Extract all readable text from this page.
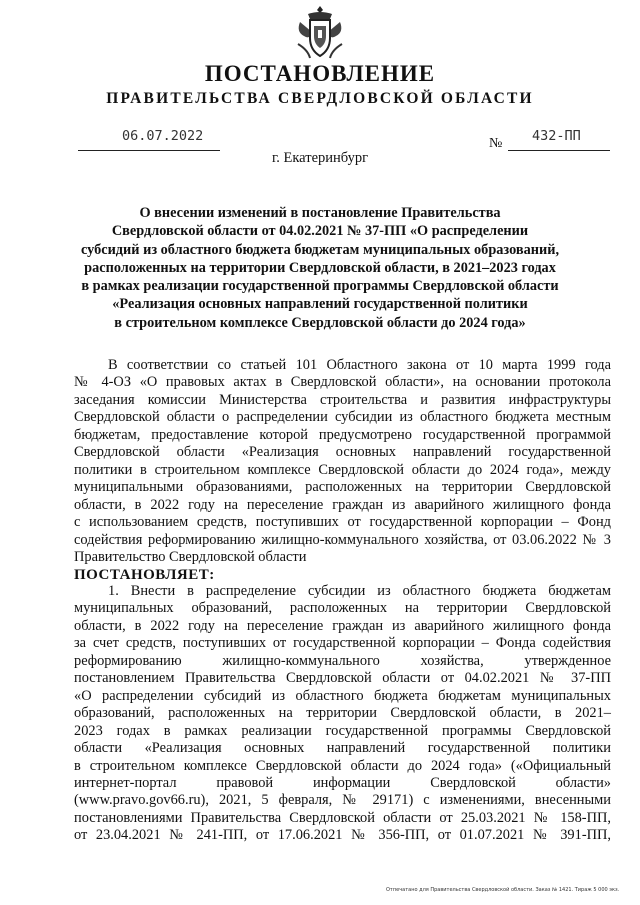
ПОСТАНОВЛЕНИЕ
ПРАВИТЕЛЬСТВА СВЕРДЛОВСКОЙ ОБЛАСТИ
06.07.2022	№ 432-ПП
г. Екатеринбург
О внесении изменений в постановление Правительства
Свердловской области от 04.02.2021 № 37-ПП «О распределении
субсидий из областного бюджета бюджетам муниципальных образований,
расположенных на территории Свердловской области, в 2021–2023 годах
в рамках реализации государственной программы Свердловской области
«Реализация основных направлений государственной политики
в строительном комплексе Свердловской области до 2024 года»
В соответствии со статьей 101 Областного закона от 10 марта 1999 года
№ 4-ОЗ «О правовых актах в Свердловской области», на основании протокола
заседания комиссии Министерства строительства и развития инфраструктуры
Свердловской области о распределении субсидии из областного бюджета местным
бюджетам, предоставление которой предусмотрено государственной программой
Свердловской области «Реализация основных направлений государственной
политики в строительном комплексе Свердловской области до 2024 года», между
муниципальными образованиями, расположенных на территории Свердловской
области, в 2022 году на переселение граждан из аварийного жилищного фонда
с использованием средств, поступивших от государственной корпорации – Фонд
содействия реформированию жилищно-коммунального хозяйства, от 03.06.2022 № 3
Правительство Свердловской области
ПОСТАНОВЛЯЕТ:
1. Внести в распределение субсидии из областного бюджета бюджетам
муниципальных образований, расположенных на территории Свердловской
области, в 2022 году на переселение граждан из аварийного жилищного фонда
за счет средств, поступивших от государственной корпорации – Фонда содействия
реформированию жилищно-коммунального хозяйства, утвержденное
постановлением Правительства Свердловской области от 04.02.2021 № 37-ПП
«О распределении субсидий из областного бюджета бюджетам муниципальных
образований, расположенных на территории Свердловской области, в 2021–
2023 годах в рамках реализации государственной программы Свердловской
области «Реализация основных направлений государственной политики
в строительном комплексе Свердловской области до 2024 года» («Официальный
интернет-портал правовой информации Свердловской области»
(www.pravo.gov66.ru), 2021, 5 февраля, № 29171) с изменениями, внесенными
постановлениями Правительства Свердловской области от 25.03.2021 № 158-ПП,
от 23.04.2021 № 241-ПП, от 17.06.2021 № 356-ПП, от 01.07.2021 № 391-ПП,
Отпечатано для Правительства Свердловской области. Заказ № 1421. Тираж 5 000 экз.
